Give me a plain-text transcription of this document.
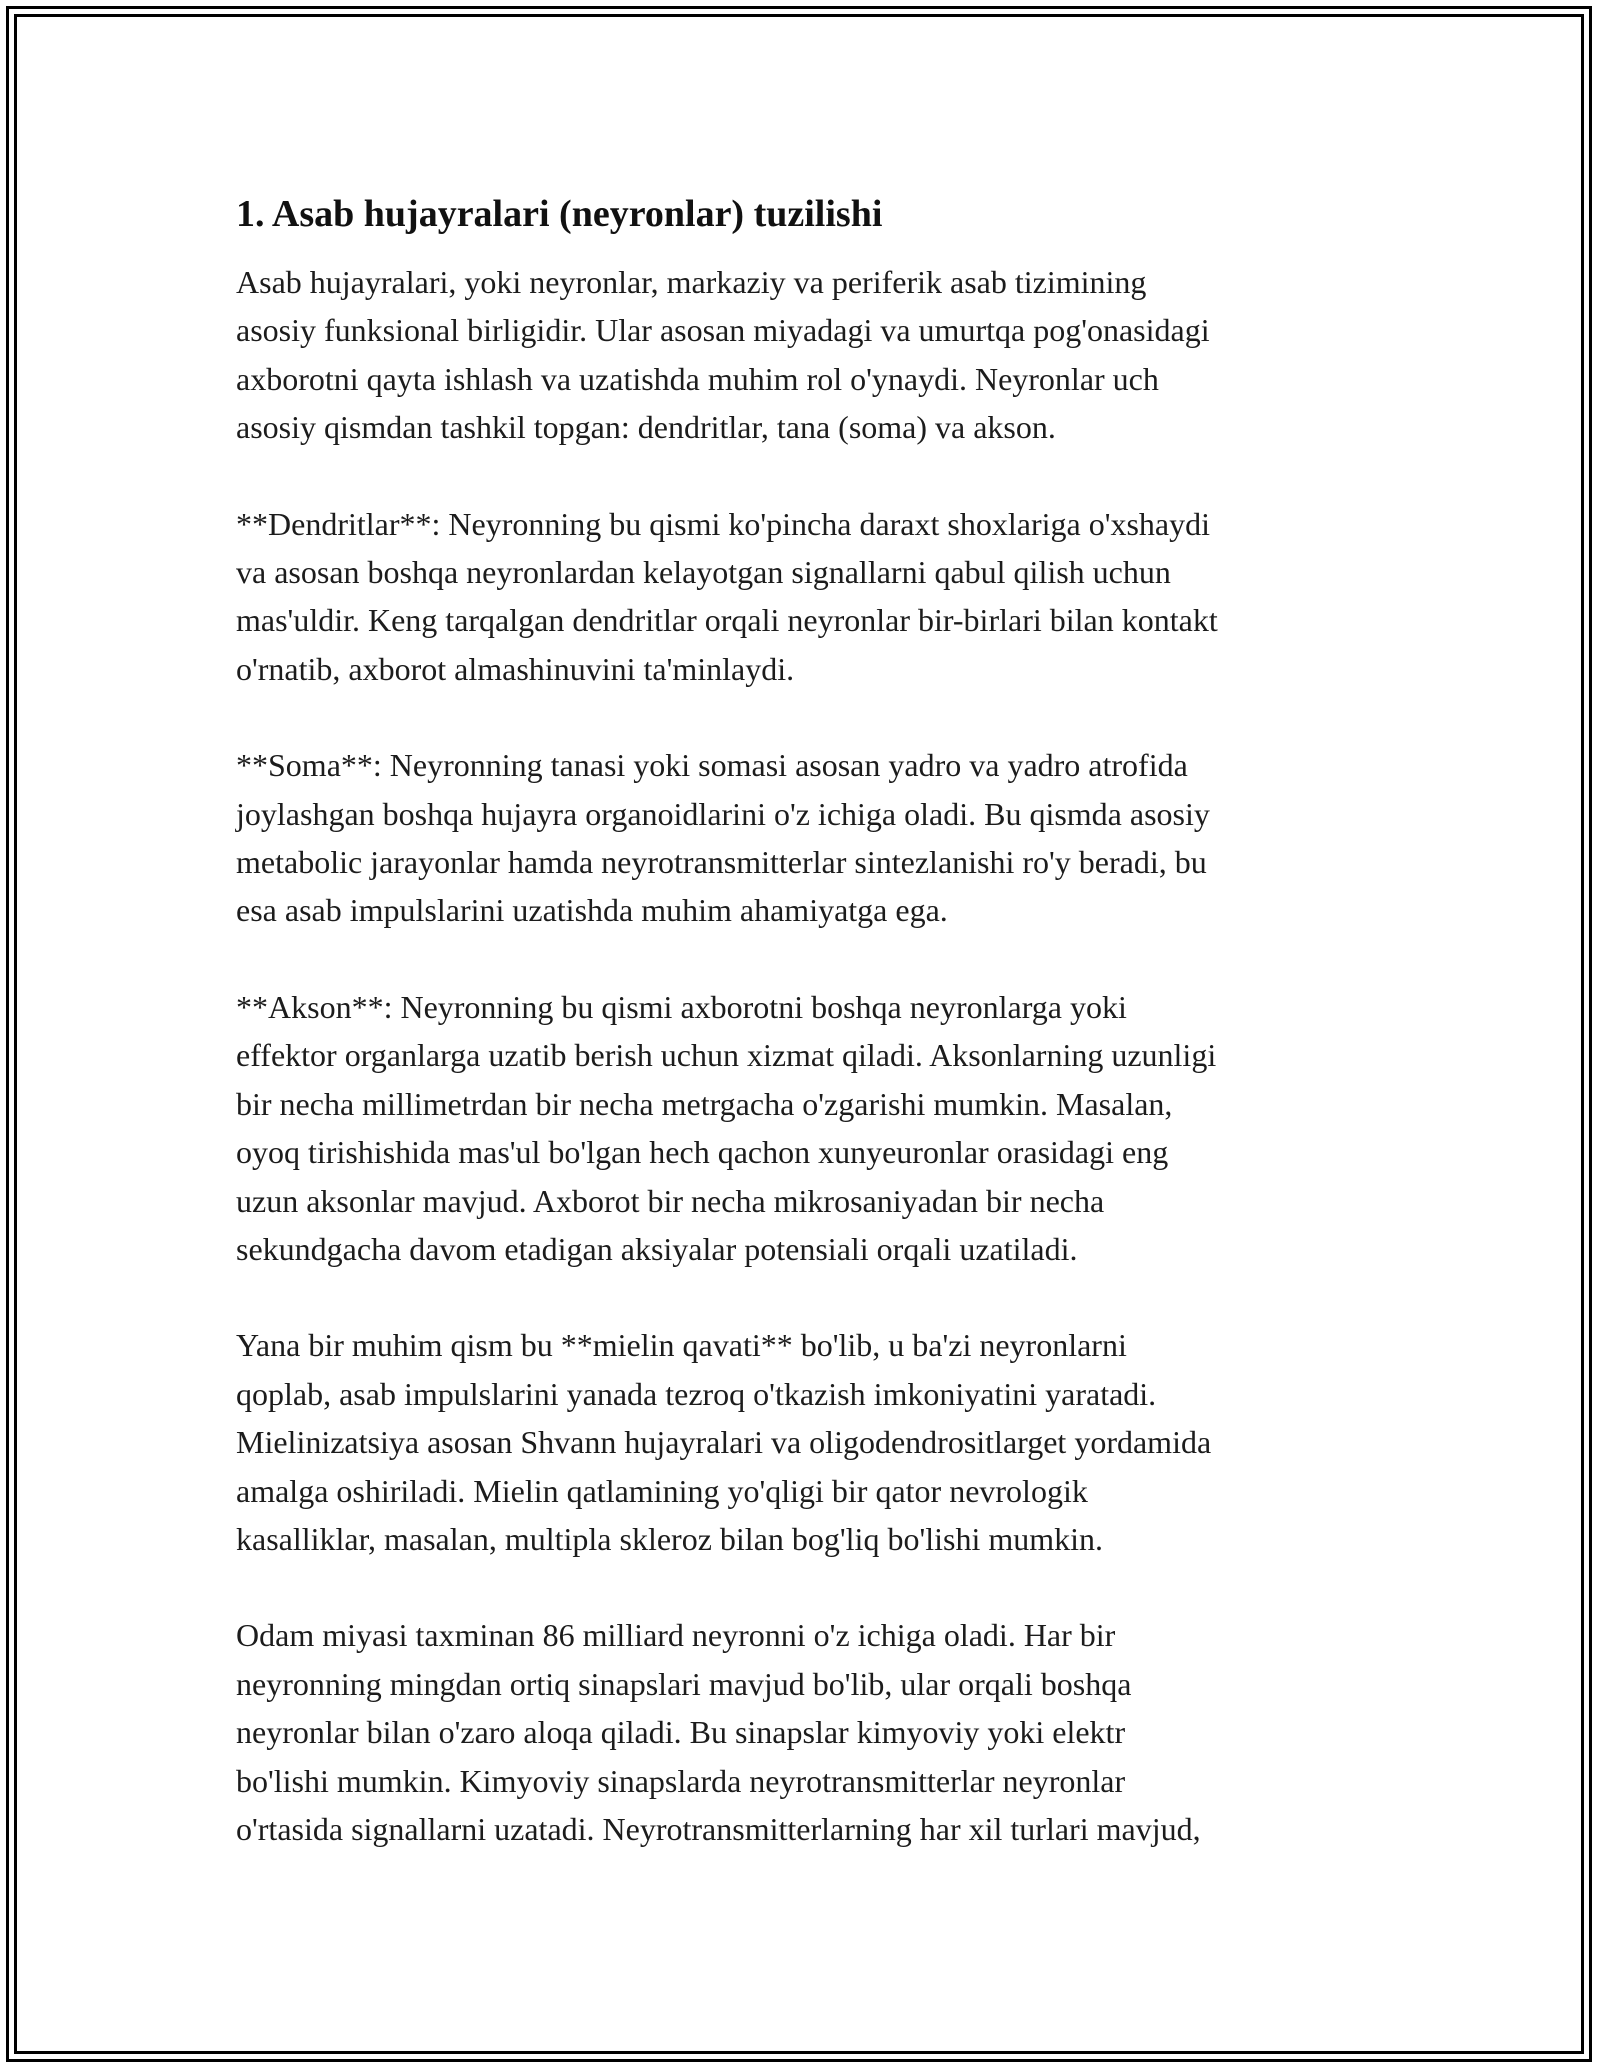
1. Asab hujayralari (neyronlar) tuzilishi

Asab hujayralari, yoki neyronlar, markaziy va periferik asab tizimining
asosiy funksional birligidir. Ular asosan miyadagi va umurtqa pog'onasidagi
axborotni qayta ishlash va uzatishda muhim rol o'ynaydi. Neyronlar uch
asosiy qismdan tashkil topgan: dendritlar, tana (soma) va akson.

**Dendritlar**: Neyronning bu qismi ko'pincha daraxt shoxlariga o'xshaydi
va asosan boshqa neyronlardan kelayotgan signallarni qabul qilish uchun
mas'uldir. Keng tarqalgan dendritlar orqali neyronlar bir-birlari bilan kontakt
o'rnatib, axborot almashinuvini ta'minlaydi.

**Soma**: Neyronning tanasi yoki somasi asosan yadro va yadro atrofida
joylashgan boshqa hujayra organoidlarini o'z ichiga oladi. Bu qismda asosiy
metabolic jarayonlar hamda neyrotransmitterlar sintezlanishi ro'y beradi, bu
esa asab impulslarini uzatishda muhim ahamiyatga ega.

**Akson**: Neyronning bu qismi axborotni boshqa neyronlarga yoki
effektor organlarga uzatib berish uchun xizmat qiladi. Aksonlarning uzunligi
bir necha millimetrdan bir necha metrgacha o'zgarishi mumkin. Masalan,
oyoq tirishishida mas'ul bo'lgan hech qachon xunyeuronlar orasidagi eng
uzun aksonlar mavjud. Axborot bir necha mikrosaniyadan bir necha
sekundgacha davom etadigan aksiyalar potensiali orqali uzatiladi.

Yana bir muhim qism bu **mielin qavati** bo'lib, u ba'zi neyronlarni
qoplab, asab impulslarini yanada tezroq o'tkazish imkoniyatini yaratadi.
Mielinizatsiya asosan Shvann hujayralari va oligodendrositlarget yordamida
amalga oshiriladi. Mielin qatlamining yo'qligi bir qator nevrologik
kasalliklar, masalan, multipla skleroz bilan bog'liq bo'lishi mumkin.

Odam miyasi taxminan 86 milliard neyronni o'z ichiga oladi. Har bir
neyronning mingdan ortiq sinapslari mavjud bo'lib, ular orqali boshqa
neyronlar bilan o'zaro aloqa qiladi. Bu sinapslar kimyoviy yoki elektr
bo'lishi mumkin. Kimyoviy sinapslarda neyrotransmitterlar neyronlar
o'rtasida signallarni uzatadi. Neyrotransmitterlarning har xil turlari mavjud,
